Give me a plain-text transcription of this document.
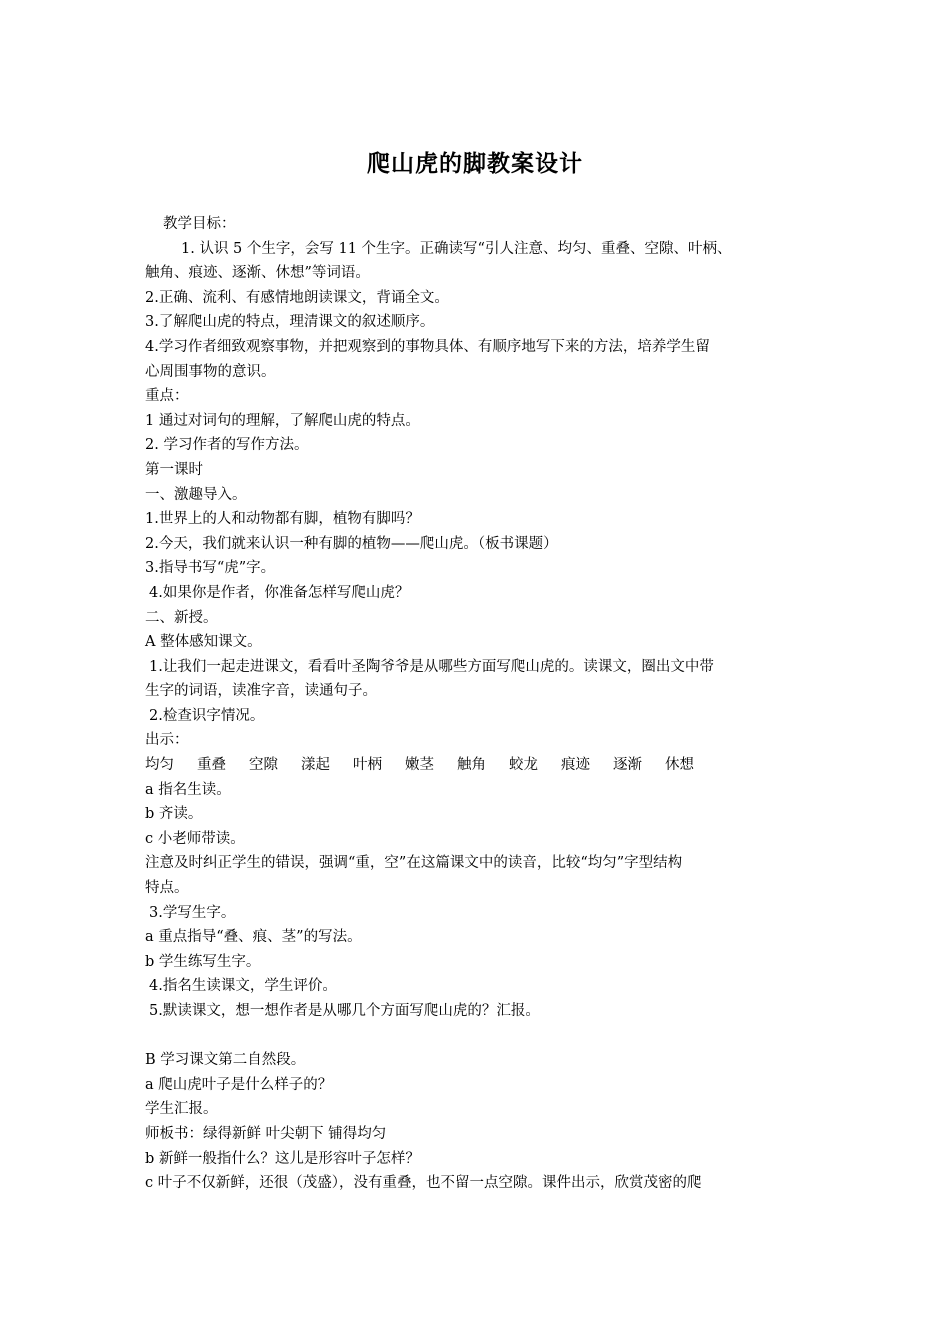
爬山虎的脚教案设计
教学目标：
1. 认识 5 个生字，会写 11 个生字。正确读写“引人注意、均匀、重叠、空隙、叶柄、
触角、痕迹、逐渐、休想”等词语。
2.正确、流利、有感情地朗读课文，背诵全文。
3.了解爬山虎的特点，理清课文的叙述顺序。
4.学习作者细致观察事物，并把观察到的事物具体、有顺序地写下来的方法，培养学生留
心周围事物的意识。
重点：
1 通过对词句的理解，了解爬山虎的特点。
2. 学习作者的写作方法。
第一课时
一、激趣导入。
1.世界上的人和动物都有脚，植物有脚吗？
2.今天，我们就来认识一种有脚的植物——爬山虎。（板书课题）
3.指导书写“虎”字。
4.如果你是作者，你准备怎样写爬山虎？
二、新授。
A 整体感知课文。
1.让我们一起走进课文，看看叶圣陶爷爷是从哪些方面写爬山虎的。读课文，圈出文中带
生字的词语，读准字音，读通句子。
2.检查识字情况。
出示：
均匀 重叠 空隙 漾起 叶柄 嫩茎 触角 蛟龙 痕迹 逐渐 休想
a 指名生读。
b 齐读。
c 小老师带读。
注意及时纠正学生的错误，强调“重，空”在这篇课文中的读音，比较“均匀”字型结构
特点。
3.学写生字。
a 重点指导“叠、痕、茎”的写法。
b 学生练写生字。
4.指名生读课文，学生评价。
5.默读课文，想一想作者是从哪几个方面写爬山虎的？汇报。
B 学习课文第二自然段。
a 爬山虎叶子是什么样子的？
学生汇报。
师板书：绿得新鲜 叶尖朝下 铺得均匀
b 新鲜一般指什么？这儿是形容叶子怎样？
c 叶子不仅新鲜，还很（茂盛），没有重叠，也不留一点空隙。课件出示，欣赏茂密的爬
